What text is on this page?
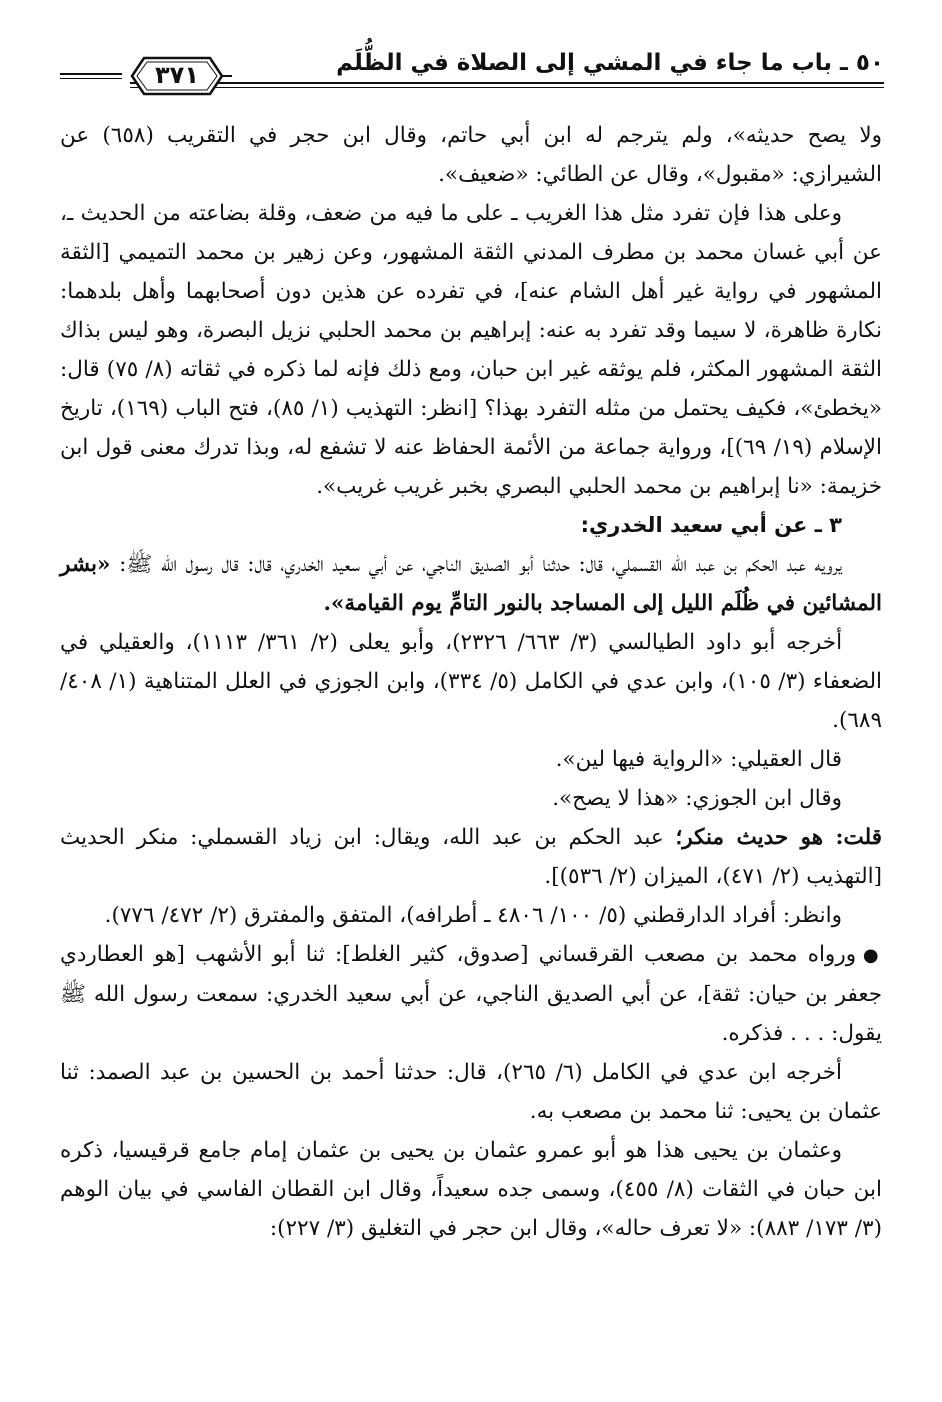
٥٠ ـ باب ما جاء في المشي إلى الصلاة في الظُّلَم
٣٧١

ولا يصح حديثه»، ولم يترجم له ابن أبي حاتم، وقال ابن حجر في التقريب (٦٥٨) عن الشيرازي: «مقبول»، وقال عن الطائي: «ضعيف».

وعلى هذا فإن تفرد مثل هذا الغريب ـ على ما فيه من ضعف، وقلة بضاعته من الحديث ـ، عن أبي غسان محمد بن مطرف المدني الثقة المشهور، وعن زهير بن محمد التميمي [الثقة المشهور في رواية غير أهل الشام عنه]، في تفرده عن هذين دون أصحابهما وأهل بلدهما: نكارة ظاهرة، لا سيما وقد تفرد به عنه: إبراهيم بن محمد الحلبي نزيل البصرة، وهو ليس بذاك الثقة المشهور المكثر، فلم يوثقه غير ابن حبان، ومع ذلك فإنه لما ذكره في ثقاته (٨/ ٧٥) قال: «يخطئ»، فكيف يحتمل من مثله التفرد بهذا؟ [انظر: التهذيب (١/ ٨٥)، فتح الباب (١٦٩)، تاريخ الإسلام (١٩/ ٦٩)]، ورواية جماعة من الأئمة الحفاظ عنه لا تشفع له، وبذا تدرك معنى قول ابن خزيمة: «نا إبراهيم بن محمد الحلبي البصري بخبر غريب غريب».

٣ ـ عن أبي سعيد الخدري:

يرويه عبد الحكم بن عبد الله القسملي، قال: حدثنا أبو الصديق الناجي، عن أبي سعيد الخدري، قال: قال رسول الله ﷺ: «بشر المشائين في ظُلَم الليل إلى المساجد بالنور التامِّ يوم القيامة».

أخرجه أبو داود الطيالسي (٣/ ٦٦٣/ ٢٣٢٦)، وأبو يعلى (٢/ ٣٦١/ ١١١٣)، والعقيلي في الضعفاء (٣/ ١٠٥)، وابن عدي في الكامل (٥/ ٣٣٤)، وابن الجوزي في العلل المتناهية (١/ ٤٠٨/ ٦٨٩).

قال العقيلي: «الرواية فيها لين».

وقال ابن الجوزي: «هذا لا يصح».

قلت: هو حديث منكر؛ عبد الحكم بن عبد الله، ويقال: ابن زياد القسملي: منكر الحديث [التهذيب (٢/ ٤٧١)، الميزان (٢/ ٥٣٦)].

وانظر: أفراد الدارقطني (٥/ ١٠٠/ ٤٨٠٦ ـ أطرافه)، المتفق والمفترق (٢/ ٤٧٢/ ٧٧٦).

● ورواه محمد بن مصعب القرقساني [صدوق، كثير الغلط]: ثنا أبو الأشهب [هو العطاردي جعفر بن حيان: ثقة]، عن أبي الصديق الناجي، عن أبي سعيد الخدري: سمعت رسول الله ﷺ يقول: . . . فذكره.

أخرجه ابن عدي في الكامل (٦/ ٢٦٥)، قال: حدثنا أحمد بن الحسين بن عبد الصمد: ثنا عثمان بن يحيى: ثنا محمد بن مصعب به.

وعثمان بن يحيى هذا هو أبو عمرو عثمان بن يحيى بن عثمان إمام جامع قرقيسيا، ذكره ابن حبان في الثقات (٨/ ٤٥٥)، وسمى جده سعيداً، وقال ابن القطان الفاسي في بيان الوهم (٣/ ١٧٣/ ٨٨٣): «لا تعرف حاله»، وقال ابن حجر في التغليق (٣/ ٢٢٧):
